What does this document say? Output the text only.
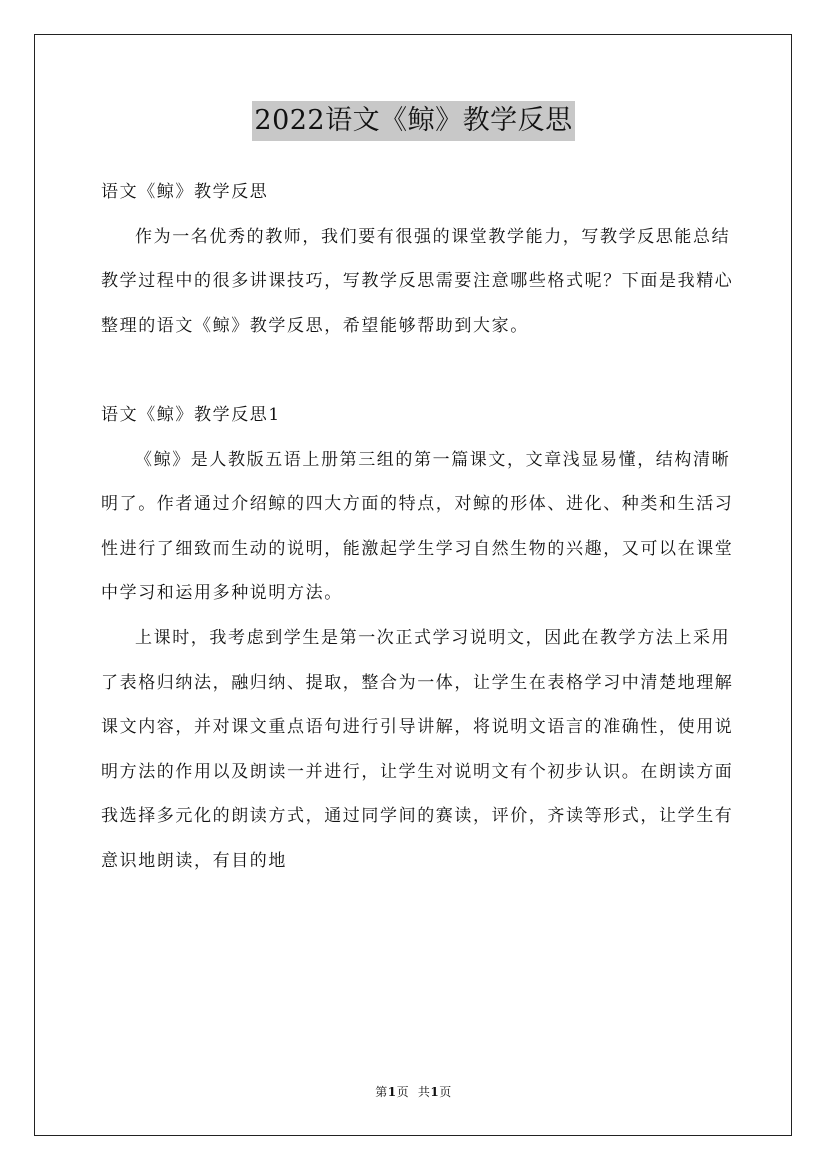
2022语文《鲸》教学反思

语文《鲸》教学反思

作为一名优秀的教师，我们要有很强的课堂教学能力，写教学反思能总结教学过程中的很多讲课技巧，写教学反思需要注意哪些格式呢？下面是我精心整理的语文《鲸》教学反思，希望能够帮助到大家。

语文《鲸》教学反思1

《鲸》是人教版五语上册第三组的第一篇课文，文章浅显易懂，结构清晰明了。作者通过介绍鲸的四大方面的特点，对鲸的形体、进化、种类和生活习性进行了细致而生动的说明，能激起学生学习自然生物的兴趣，又可以在课堂中学习和运用多种说明方法。

上课时，我考虑到学生是第一次正式学习说明文，因此在教学方法上采用了表格归纳法，融归纳、提取，整合为一体，让学生在表格学习中清楚地理解课文内容，并对课文重点语句进行引导讲解，将说明文语言的准确性，使用说明方法的作用以及朗读一并进行，让学生对说明文有个初步认识。在朗读方面我选择多元化的朗读方式，通过同学间的赛读，评价，齐读等形式，让学生有意识地朗读，有目的地

第1页 共1页
